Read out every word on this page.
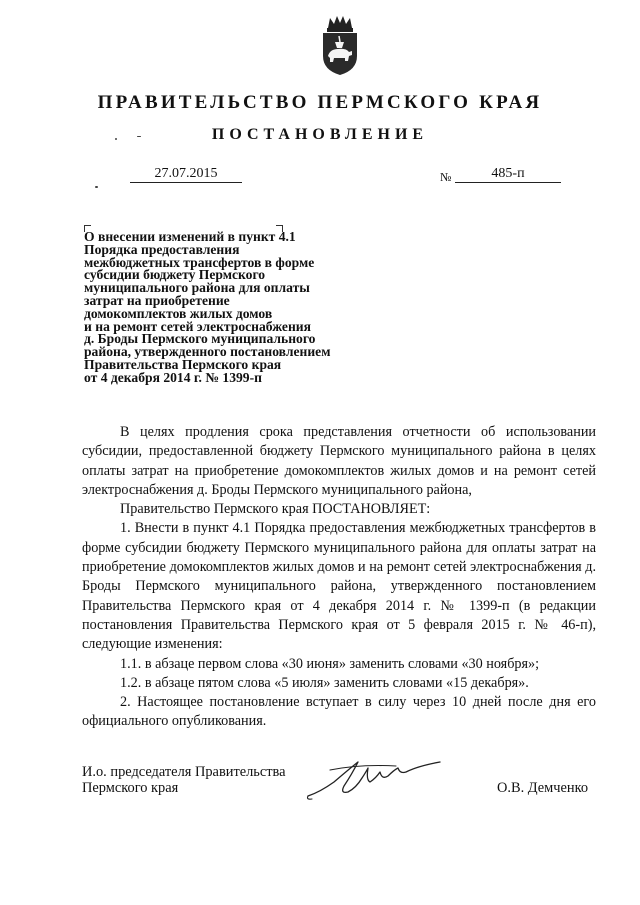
ПРАВИТЕЛЬСТВО ПЕРМСКОГО КРАЯ
ПОСТАНОВЛЕНИЕ
27.07.2015	№	485-п
О внесении изменений в пункт 4.1
Порядка предоставления
межбюджетных трансфертов в форме
субсидии бюджету Пермского
муниципального района для оплаты
затрат на приобретение
домокомплектов жилых домов
и на ремонт сетей электроснабжения
д. Броды Пермского муниципального
района, утвержденного постановлением
Правительства Пермского края
от 4 декабря 2014 г. № 1399-п

В целях продления срока представления отчетности об использовании субсидии, предоставленной бюджету Пермского муниципального района в целях оплаты затрат на приобретение домокомплектов жилых домов и на ремонт сетей электроснабжения д. Броды Пермского муниципального района,

Правительство Пермского края ПОСТАНОВЛЯЕТ:

1. Внести в пункт 4.1 Порядка предоставления межбюджетных трансфертов в форме субсидии бюджету Пермского муниципального района для оплаты затрат на приобретение домокомплектов жилых домов и на ремонт сетей электроснабжения д. Броды Пермского муниципального района, утвержденного постановлением Правительства Пермского края от 4 декабря 2014 г. № 1399-п (в редакции постановления Правительства Пермского края от 5 февраля 2015 г. № 46-п), следующие изменения:

1.1. в абзаце первом слова «30 июня» заменить словами «30 ноября»;

1.2. в абзаце пятом слова «5 июля» заменить словами «15 декабря».

2. Настоящее постановление вступает в силу через 10 дней после дня его официального опубликования.

И.о. председателя Правительства
Пермского края	О.В. Демченко
